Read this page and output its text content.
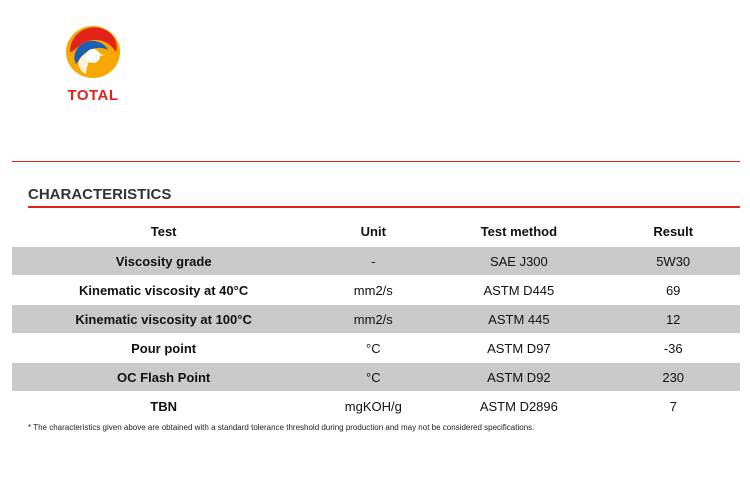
TOTAL
CHARACTERISTICS
Test	Unit	Test method	Result
Viscosity grade	-	SAE J300	5W30
Kinematic viscosity at 40°C	mm2/s	ASTM D445	69
Kinematic viscosity at 100°C	mm2/s	ASTM 445	12
Pour point	°C	ASTM D97	-36
OC Flash Point	°C	ASTM D92	230
TBN	mgKOH/g	ASTM D2896	7
* The characteristics given above are obtained with a standard tolerance threshold during production and may not be considered specifications.
